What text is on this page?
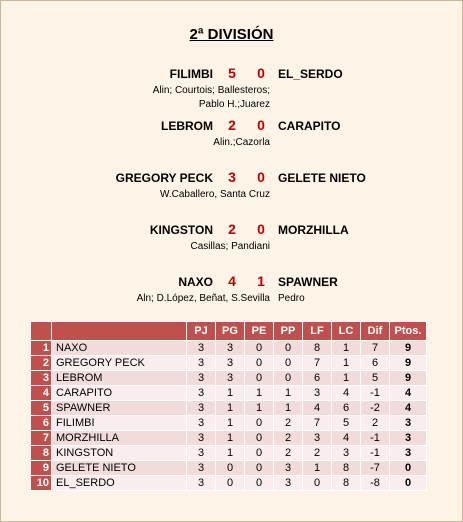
2ª DIVISIÓN
FILIMBI 5 0 EL_SERDO
Alin; Courtois; Ballesteros;
Pablo H.;Juarez
LEBROM 2 0 CARAPITO
Alin.;Cazorla
GREGORY PECK 3 0 GELETE NIETO
W.Caballero, Santa Cruz
KINGSTON 2 0 MORZHILLA
Casillas; Pandiani
NAXO 4 1 SPAWNER
Aln; D.López, Beñat, S.Sevilla Pedro
		PJ	PG	PE	PP	LF	LC	Dif	Ptos.
1	NAXO	3	3	0	0	8	1	7	9
2	GREGORY PECK	3	3	0	0	7	1	6	9
3	LEBROM	3	3	0	0	6	1	5	9
4	CARAPITO	3	1	1	1	3	4	-1	4
5	SPAWNER	3	1	1	1	4	6	-2	4
6	FILIMBI	3	1	0	2	7	5	2	3
7	MORZHILLA	3	1	0	2	3	4	-1	3
8	KINGSTON	3	1	0	2	2	3	-1	3
9	GELETE NIETO	3	0	0	3	1	8	-7	0
10	EL_SERDO	3	0	0	3	0	8	-8	0
